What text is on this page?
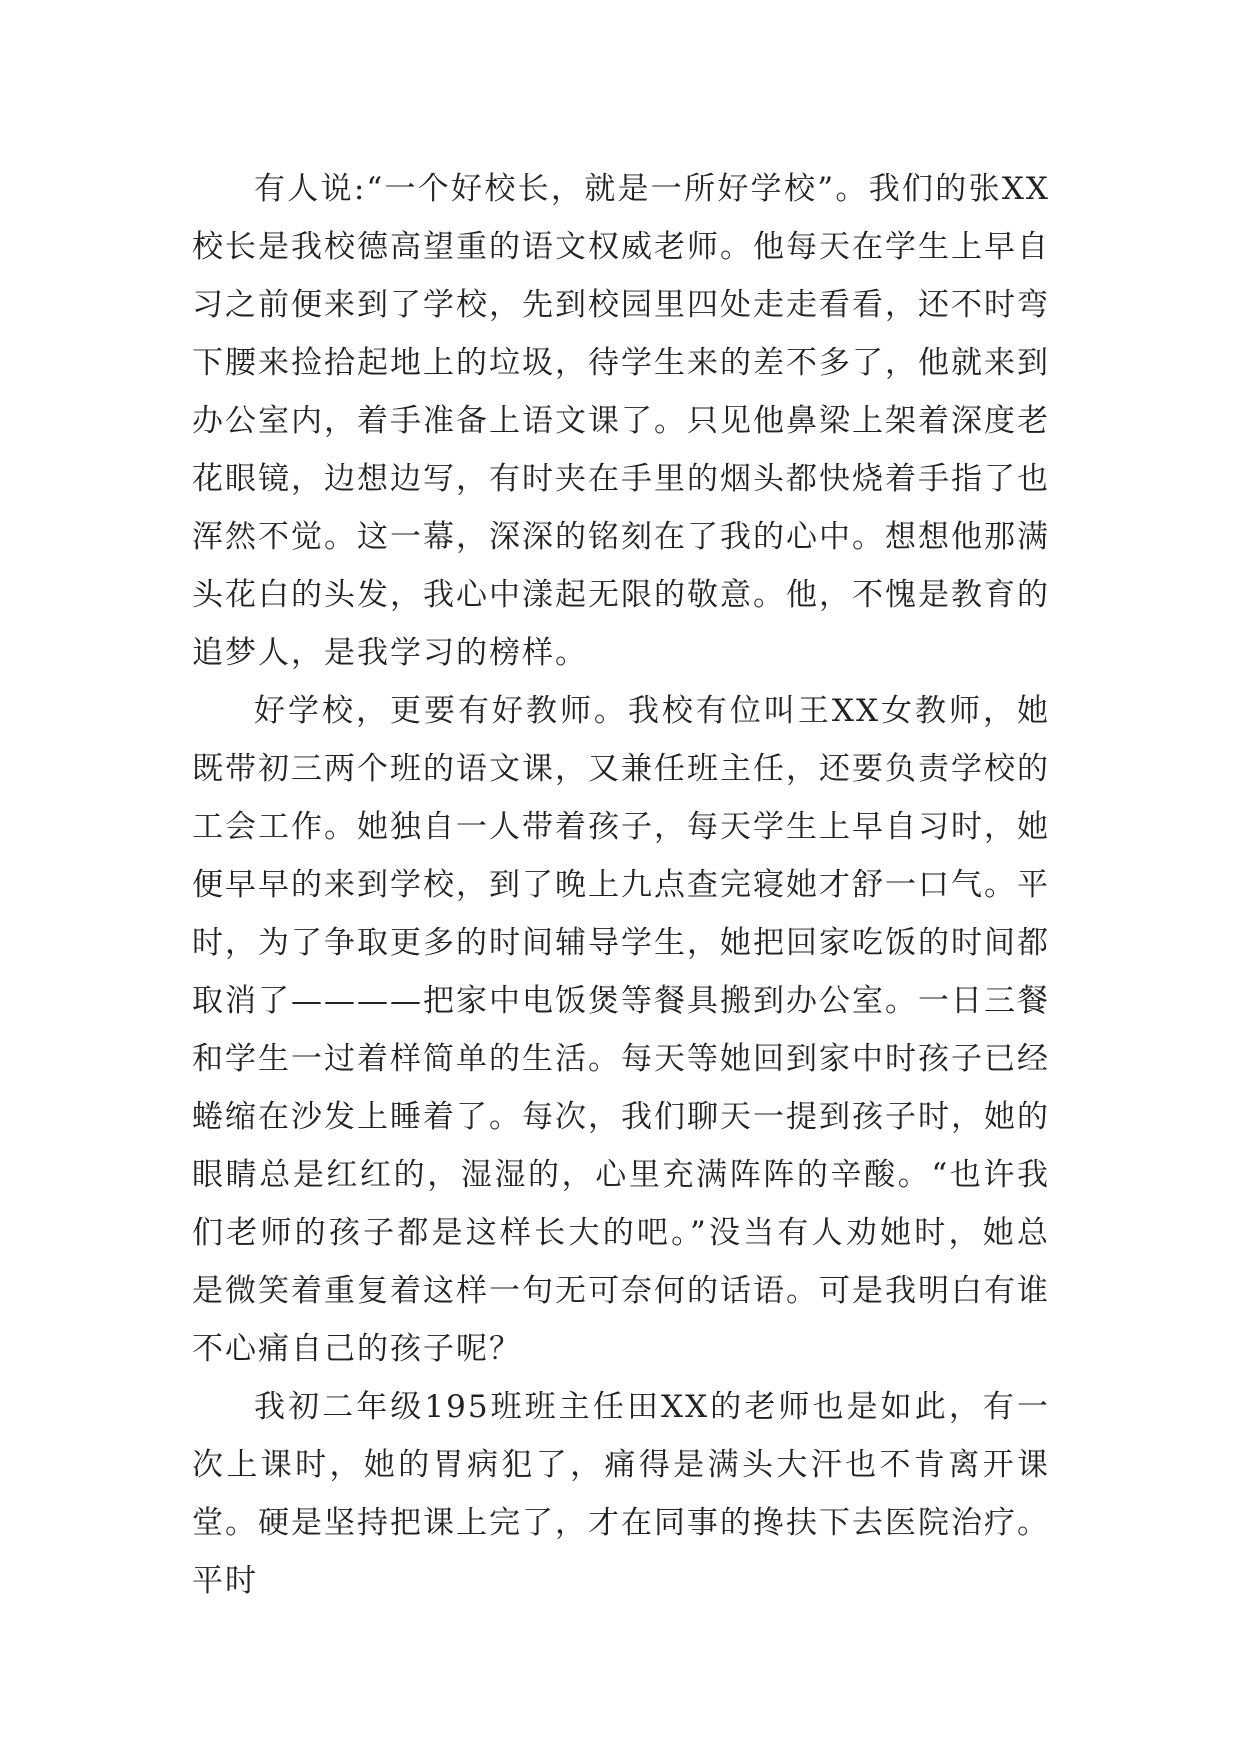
有人说:“一个好校长，就是一所好学校”。我们的张XX校长是我校德高望重的语文权威老师。他每天在学生上早自习之前便来到了学校，先到校园里四处走走看看，还不时弯下腰来捡拾起地上的垃圾，待学生来的差不多了，他就来到办公室内，着手准备上语文课了。只见他鼻梁上架着深度老花眼镜，边想边写，有时夹在手里的烟头都快烧着手指了也浑然不觉。这一幕，深深的铭刻在了我的心中。想想他那满头花白的头发，我心中漾起无限的敬意。他，不愧是教育的追梦人，是我学习的榜样。

好学校，更要有好教师。我校有位叫王XX女教师，她既带初三两个班的语文课，又兼任班主任，还要负责学校的工会工作。她独自一人带着孩子，每天学生上早自习时，她便早早的来到学校，到了晚上九点查完寝她才舒一口气。平时，为了争取更多的时间辅导学生，她把回家吃饭的时间都取消了————把家中电饭煲等餐具搬到办公室。一日三餐和学生一过着样简单的生活。每天等她回到家中时孩子已经蜷缩在沙发上睡着了。每次，我们聊天一提到孩子时，她的眼睛总是红红的，湿湿的，心里充满阵阵的辛酸。“也许我们老师的孩子都是这样长大的吧。”没当有人劝她时，她总是微笑着重复着这样一句无可奈何的话语。可是我明白有谁不心痛自己的孩子呢？

我初二年级195班班主任田XX的老师也是如此，有一次上课时，她的胃病犯了，痛得是满头大汗也不肯离开课堂。硬是坚持把课上完了，才在同事的搀扶下去医院治疗。平时
